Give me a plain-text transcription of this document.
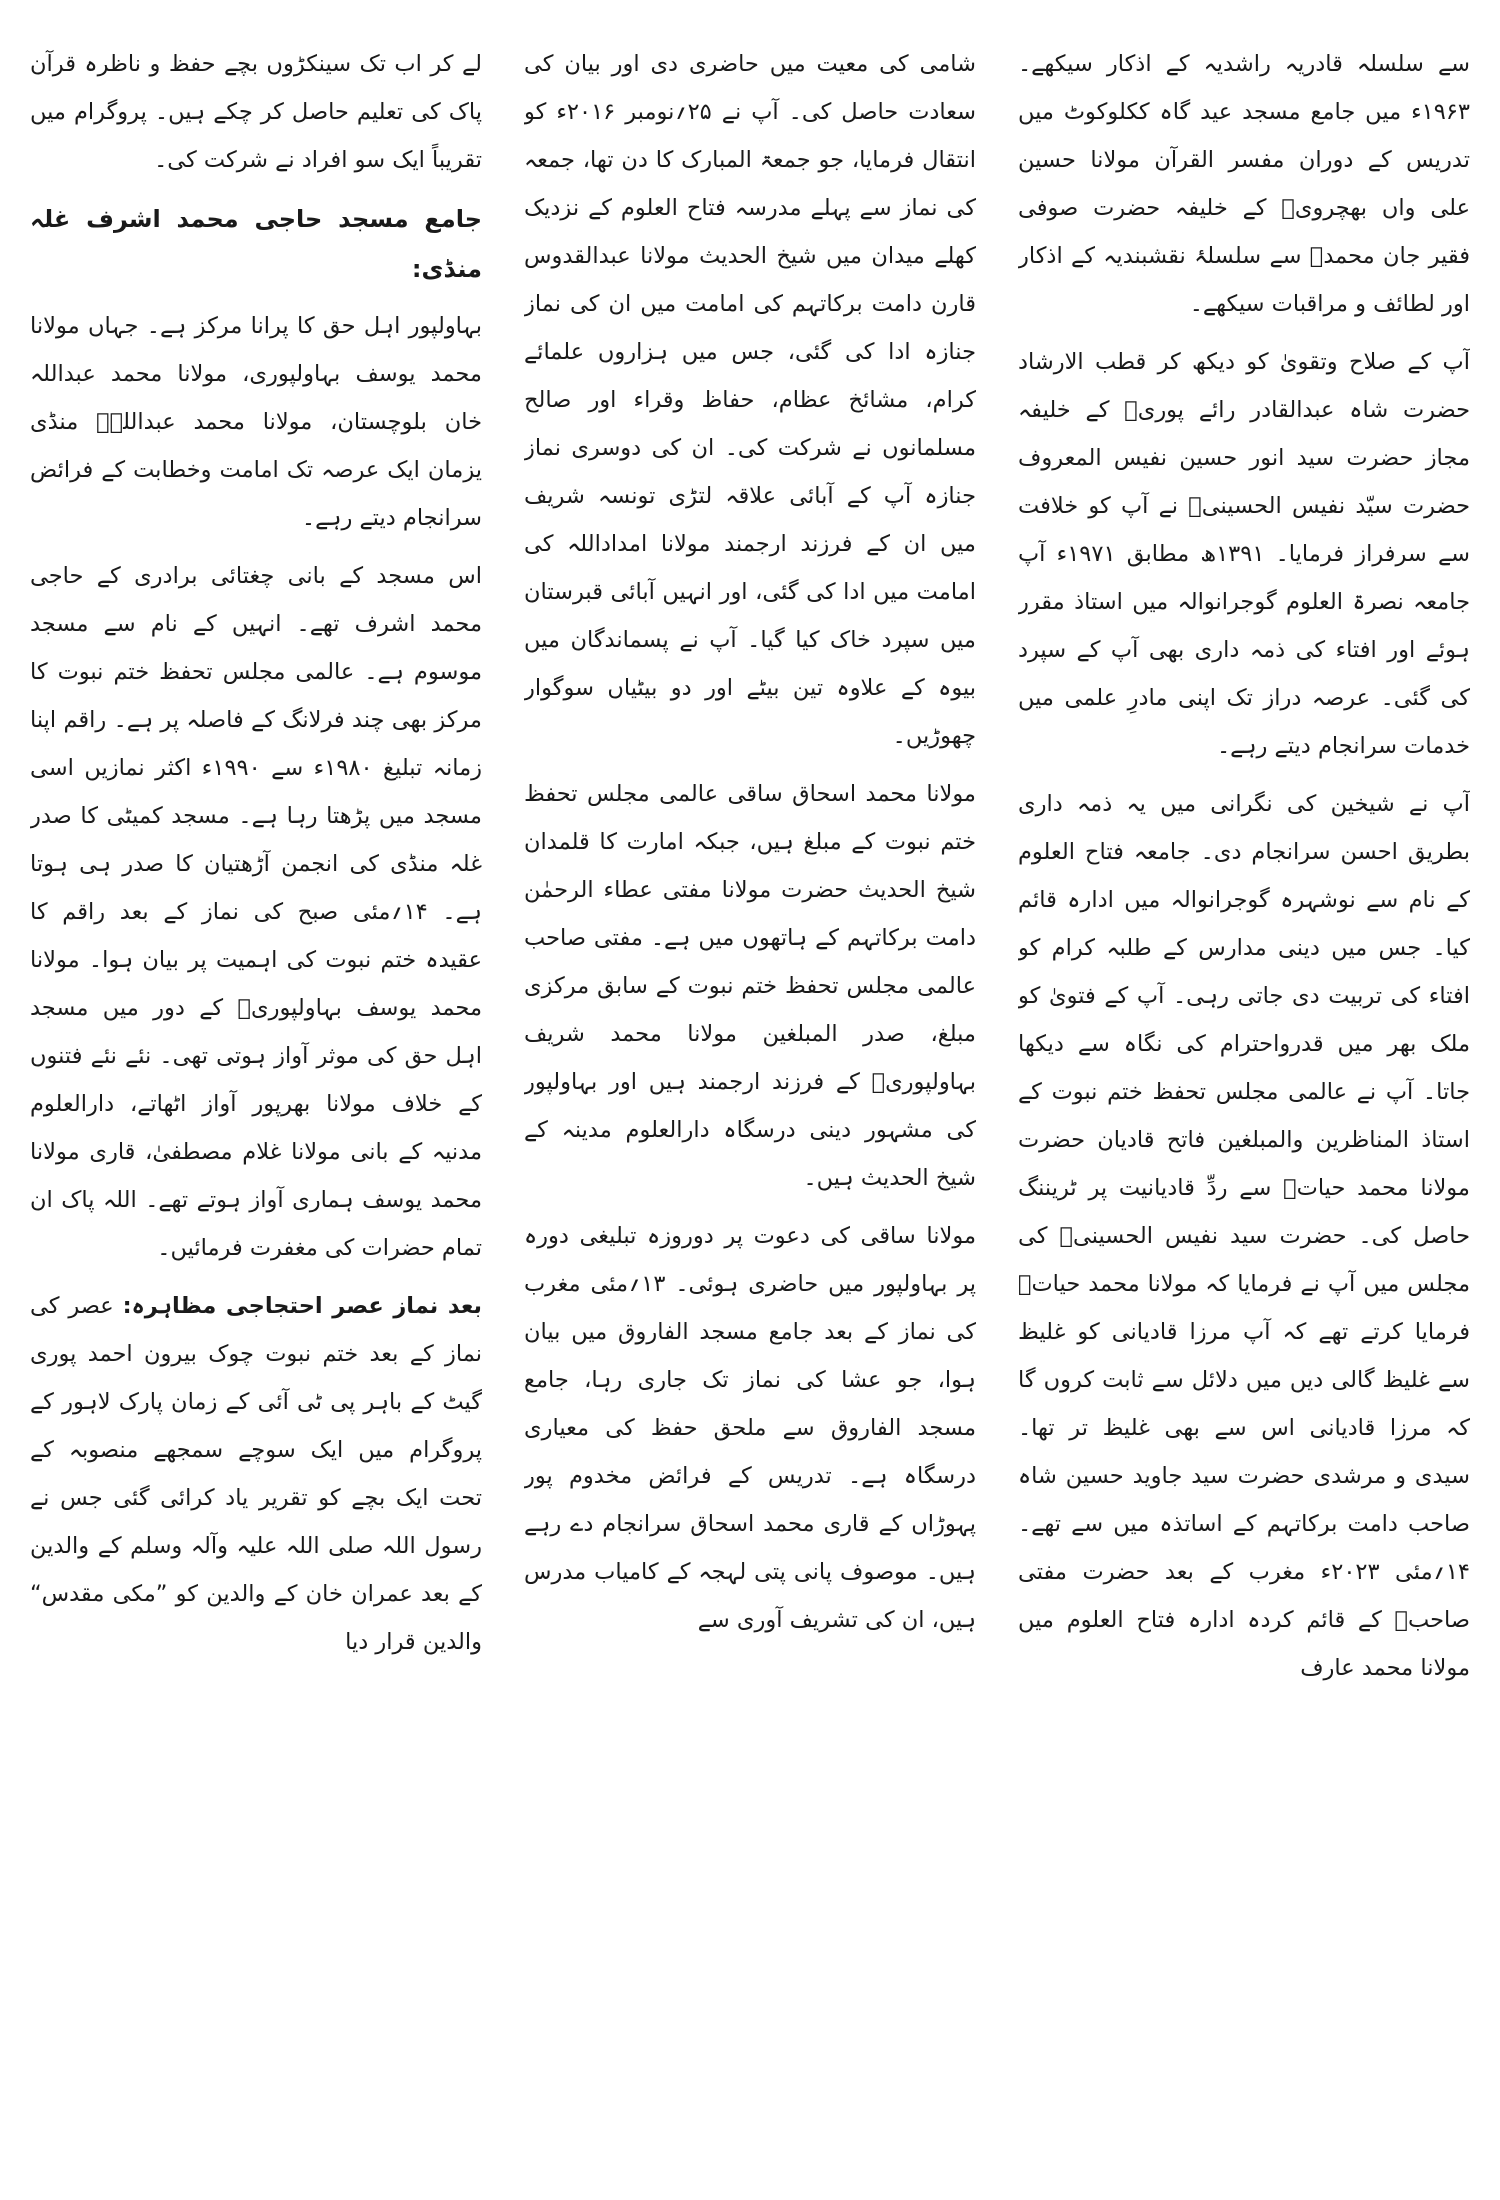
سے سلسلہ قادریہ راشدیہ کے اذکار سیکھے۔ ۱۹۶۳ء میں جامع مسجد عید گاہ ککلوکوٹ میں تدریس کے دوران مفسر القرآن مولانا حسین علی واں بھچرویؒ کے خلیفہ حضرت صوفی فقیر جان محمدؒ سے سلسلۂ نقشبندیہ کے اذکار اور لطائف و مراقبات سیکھے۔

آپ کے صلاح وتقویٰ کو دیکھ کر قطب الارشاد حضرت شاہ عبدالقادر رائے پوریؒ کے خلیفہ مجاز حضرت سید انور حسین نفیس المعروف حضرت سیّد نفیس الحسینیؒ نے آپ کو خلافت سے سرفراز فرمایا۔ ۱۳۹۱ھ مطابق ۱۹۷۱ء آپ جامعہ نصرۃ العلوم گوجرانوالہ میں استاذ مقرر ہوئے اور افتاء کی ذمہ داری بھی آپ کے سپرد کی گئی۔ عرصہ دراز تک اپنی مادرِ علمی میں خدمات سرانجام دیتے رہے۔

آپ نے شیخین کی نگرانی میں یہ ذمہ داری بطریق احسن سرانجام دی۔ جامعہ فتاح العلوم کے نام سے نوشہرہ گوجرانوالہ میں ادارہ قائم کیا۔ جس میں دینی مدارس کے طلبہ کرام کو افتاء کی تربیت دی جاتی رہی۔ آپ کے فتویٰ کو ملک بھر میں قدرواحترام کی نگاہ سے دیکھا جاتا۔ آپ نے عالمی مجلس تحفظ ختم نبوت کے استاذ المناظرین والمبلغین فاتح قادیان حضرت مولانا محمد حیاتؒ سے ردِّ قادیانیت پر ٹریننگ حاصل کی۔ حضرت سید نفیس الحسینیؒ کی مجلس میں آپ نے فرمایا کہ مولانا محمد حیاتؒ فرمایا کرتے تھے کہ آپ مرزا قادیانی کو غلیظ سے غلیظ گالی دیں میں دلائل سے ثابت کروں گا کہ مرزا قادیانی اس سے بھی غلیظ تر تھا۔ سیدی و مرشدی حضرت سید جاوید حسین شاہ صاحب دامت برکاتہم کے اساتذہ میں سے تھے۔ ۱۴؍مئی ۲۰۲۳ء مغرب کے بعد حضرت مفتی صاحبؒ کے قائم کردہ ادارہ فتاح العلوم میں مولانا محمد عارف

شامی کی معیت میں حاضری دی اور بیان کی سعادت حاصل کی۔ آپ نے ۲۵؍نومبر ۲۰۱۶ء کو انتقال فرمایا، جو جمعۃ المبارک کا دن تھا، جمعہ کی نماز سے پہلے مدرسہ فتاح العلوم کے نزدیک کھلے میدان میں شیخ الحدیث مولانا عبدالقدوس قارن دامت برکاتہم کی امامت میں ان کی نماز جنازہ ادا کی گئی، جس میں ہزاروں علمائے کرام، مشائخ عظام، حفاظ وقراء اور صالح مسلمانوں نے شرکت کی۔ ان کی دوسری نماز جنازہ آپ کے آبائی علاقہ لتڑی تونسہ شریف میں ان کے فرزند ارجمند مولانا امداداللہ کی امامت میں ادا کی گئی، اور انہیں آبائی قبرستان میں سپرد خاک کیا گیا۔ آپ نے پسماندگان میں بیوہ کے علاوہ تین بیٹے اور دو بیٹیاں سوگوار چھوڑیں۔

مولانا محمد اسحاق ساقی عالمی مجلس تحفظ ختم نبوت کے مبلغ ہیں، جبکہ امارت کا قلمدان شیخ الحدیث حضرت مولانا مفتی عطاء الرحمٰن دامت برکاتہم کے ہاتھوں میں ہے۔ مفتی صاحب عالمی مجلس تحفظ ختم نبوت کے سابق مرکزی مبلغ، صدر المبلغین مولانا محمد شریف بہاولپوریؒ کے فرزند ارجمند ہیں اور بہاولپور کی مشہور دینی درسگاہ دارالعلوم مدینہ کے شیخ الحدیث ہیں۔

مولانا ساقی کی دعوت پر دوروزہ تبلیغی دورہ پر بہاولپور میں حاضری ہوئی۔ ۱۳؍مئی مغرب کی نماز کے بعد جامع مسجد الفاروق میں بیان ہوا، جو عشا کی نماز تک جاری رہا، جامع مسجد الفاروق سے ملحق حفظ کی معیاری درسگاہ ہے۔ تدریس کے فرائض مخدوم پور پہوڑاں کے قاری محمد اسحاق سرانجام دے رہے ہیں۔ موصوف پانی پتی لہجہ کے کامیاب مدرس ہیں، ان کی تشریف آوری سے

لے کر اب تک سینکڑوں بچے حفظ و ناظرہ قرآن پاک کی تعلیم حاصل کر چکے ہیں۔ پروگرام میں تقریباً ایک سو افراد نے شرکت کی۔

جامع مسجد حاجی محمد اشرف غلہ منڈی:

بہاولپور اہل حق کا پرانا مرکز ہے۔ جہاں مولانا محمد یوسف بہاولپوری، مولانا محمد عبداللہ خان بلوچستان، مولانا محمد عبداللہؒ منڈی یزمان ایک عرصہ تک امامت وخطابت کے فرائض سرانجام دیتے رہے۔

اس مسجد کے بانی چغتائی برادری کے حاجی محمد اشرف تھے۔ انہیں کے نام سے مسجد موسوم ہے۔ عالمی مجلس تحفظ ختم نبوت کا مرکز بھی چند فرلانگ کے فاصلہ پر ہے۔ راقم اپنا زمانہ تبلیغ ۱۹۸۰ء سے ۱۹۹۰ء اکثر نمازیں اسی مسجد میں پڑھتا رہا ہے۔ مسجد کمیٹی کا صدر غلہ منڈی کی انجمن آڑھتیان کا صدر ہی ہوتا ہے۔ ۱۴؍مئی صبح کی نماز کے بعد راقم کا عقیدہ ختم نبوت کی اہمیت پر بیان ہوا۔ مولانا محمد یوسف بہاولپوریؒ کے دور میں مسجد اہل حق کی موثر آواز ہوتی تھی۔ نئے نئے فتنوں کے خلاف مولانا بھرپور آواز اٹھاتے، دارالعلوم مدنیہ کے بانی مولانا غلام مصطفیٰ، قاری مولانا محمد یوسف ہماری آواز ہوتے تھے۔ اللہ پاک ان تمام حضرات کی مغفرت فرمائیں۔

بعد نماز عصر احتجاجی مظاہرہ: عصر کی نماز کے بعد ختم نبوت چوک بیرون احمد پوری گیٹ کے باہر پی ٹی آئی کے زمان پارک لاہور کے پروگرام میں ایک سوچے سمجھے منصوبہ کے تحت ایک بچے کو تقریر یاد کرائی گئی جس نے رسول اللہ صلی اللہ علیہ وآلہ وسلم کے والدین کے بعد عمران خان کے والدین کو ”مکی مقدس“ والدین قرار دیا
